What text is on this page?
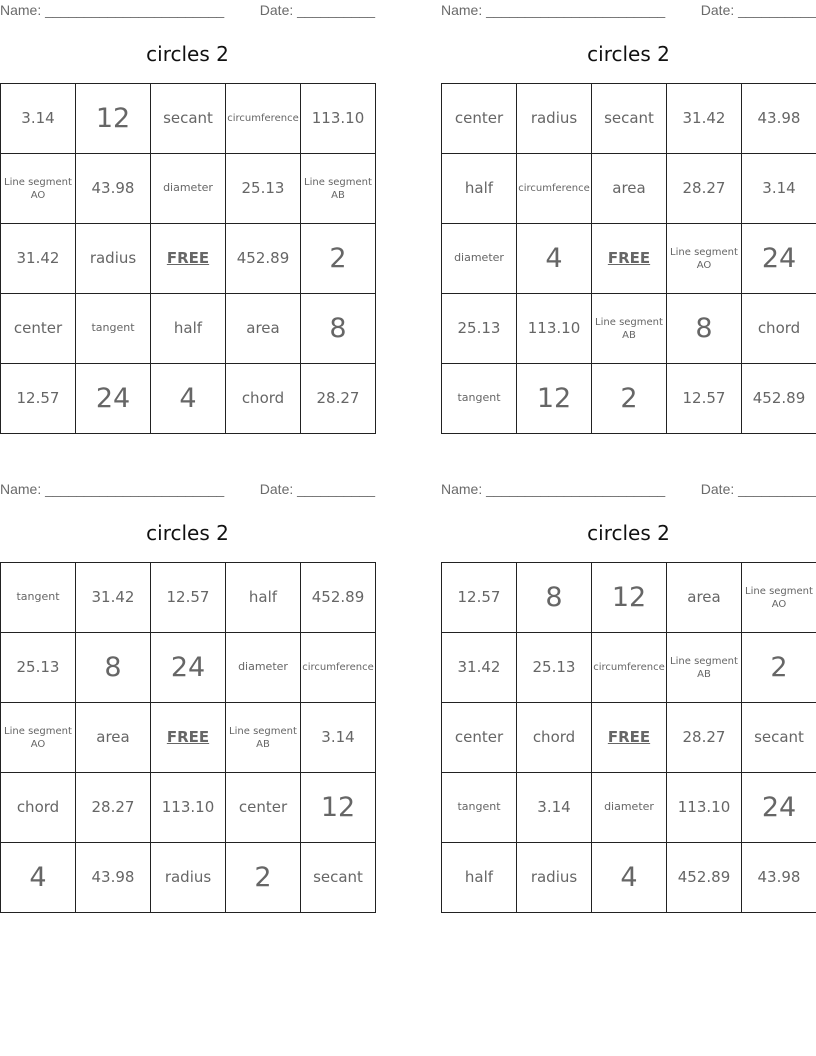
Name: _______________________	Date: __________
circles 2
3.14	12	secant	circumference	113.10
Line segment AO	43.98	diameter	25.13	Line segment AB
31.42	radius	FREE	452.89	2
center	tangent	half	area	8
12.57	24	4	chord	28.27
Name: _______________________	Date: __________
circles 2
center	radius	secant	31.42	43.98
half	circumference	area	28.27	3.14
diameter	4	FREE	Line segment AO	24
25.13	113.10	Line segment AB	8	chord
tangent	12	2	12.57	452.89
Name: _______________________	Date: __________
circles 2
tangent	31.42	12.57	half	452.89
25.13	8	24	diameter	circumference
Line segment AO	area	FREE	Line segment AB	3.14
chord	28.27	113.10	center	12
4	43.98	radius	2	secant
Name: _______________________	Date: __________
circles 2
12.57	8	12	area	Line segment AO
31.42	25.13	circumference	Line segment AB	2
center	chord	FREE	28.27	secant
tangent	3.14	diameter	113.10	24
half	radius	4	452.89	43.98
